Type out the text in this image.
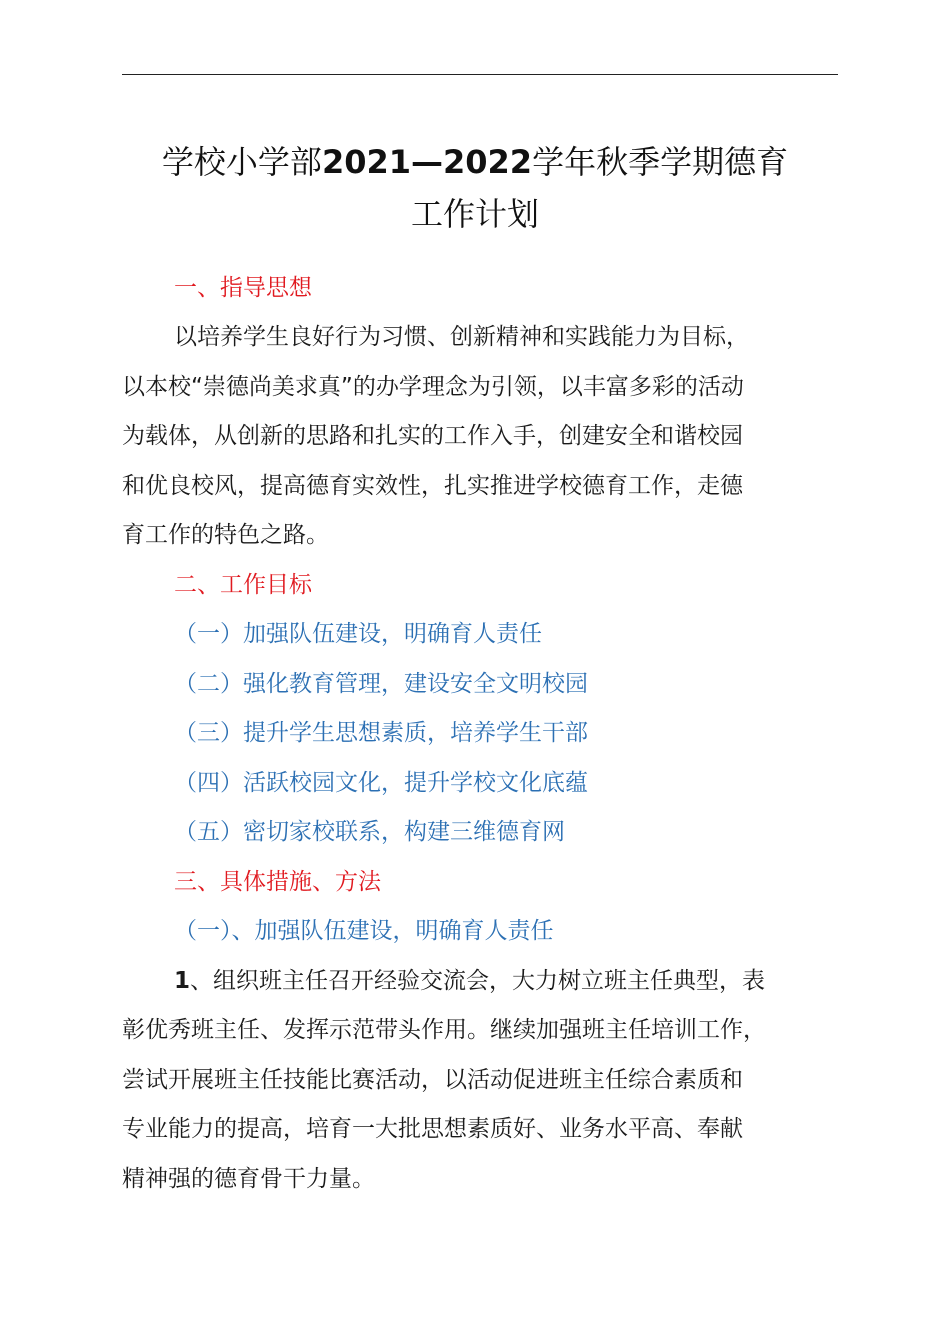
学校小学部2021—2022学年秋季学期德育
工作计划
一、指导思想
以培养学生良好行为习惯、创新精神和实践能力为目标，
以本校“崇德尚美求真”的办学理念为引领，以丰富多彩的活动
为载体，从创新的思路和扎实的工作入手，创建安全和谐校园
和优良校风，提高德育实效性，扎实推进学校德育工作，走德
育工作的特色之路。
二、工作目标
（一）加强队伍建设，明确育人责任
（二）强化教育管理，建设安全文明校园
（三）提升学生思想素质，培养学生干部
（四）活跃校园文化，提升学校文化底蕴
（五）密切家校联系，构建三维德育网
三、具体措施、方法
（一）、加强队伍建设，明确育人责任
1、组织班主任召开经验交流会，大力树立班主任典型，表
彰优秀班主任、发挥示范带头作用。继续加强班主任培训工作，
尝试开展班主任技能比赛活动，以活动促进班主任综合素质和
专业能力的提高，培育一大批思想素质好、业务水平高、奉献
精神强的德育骨干力量。
